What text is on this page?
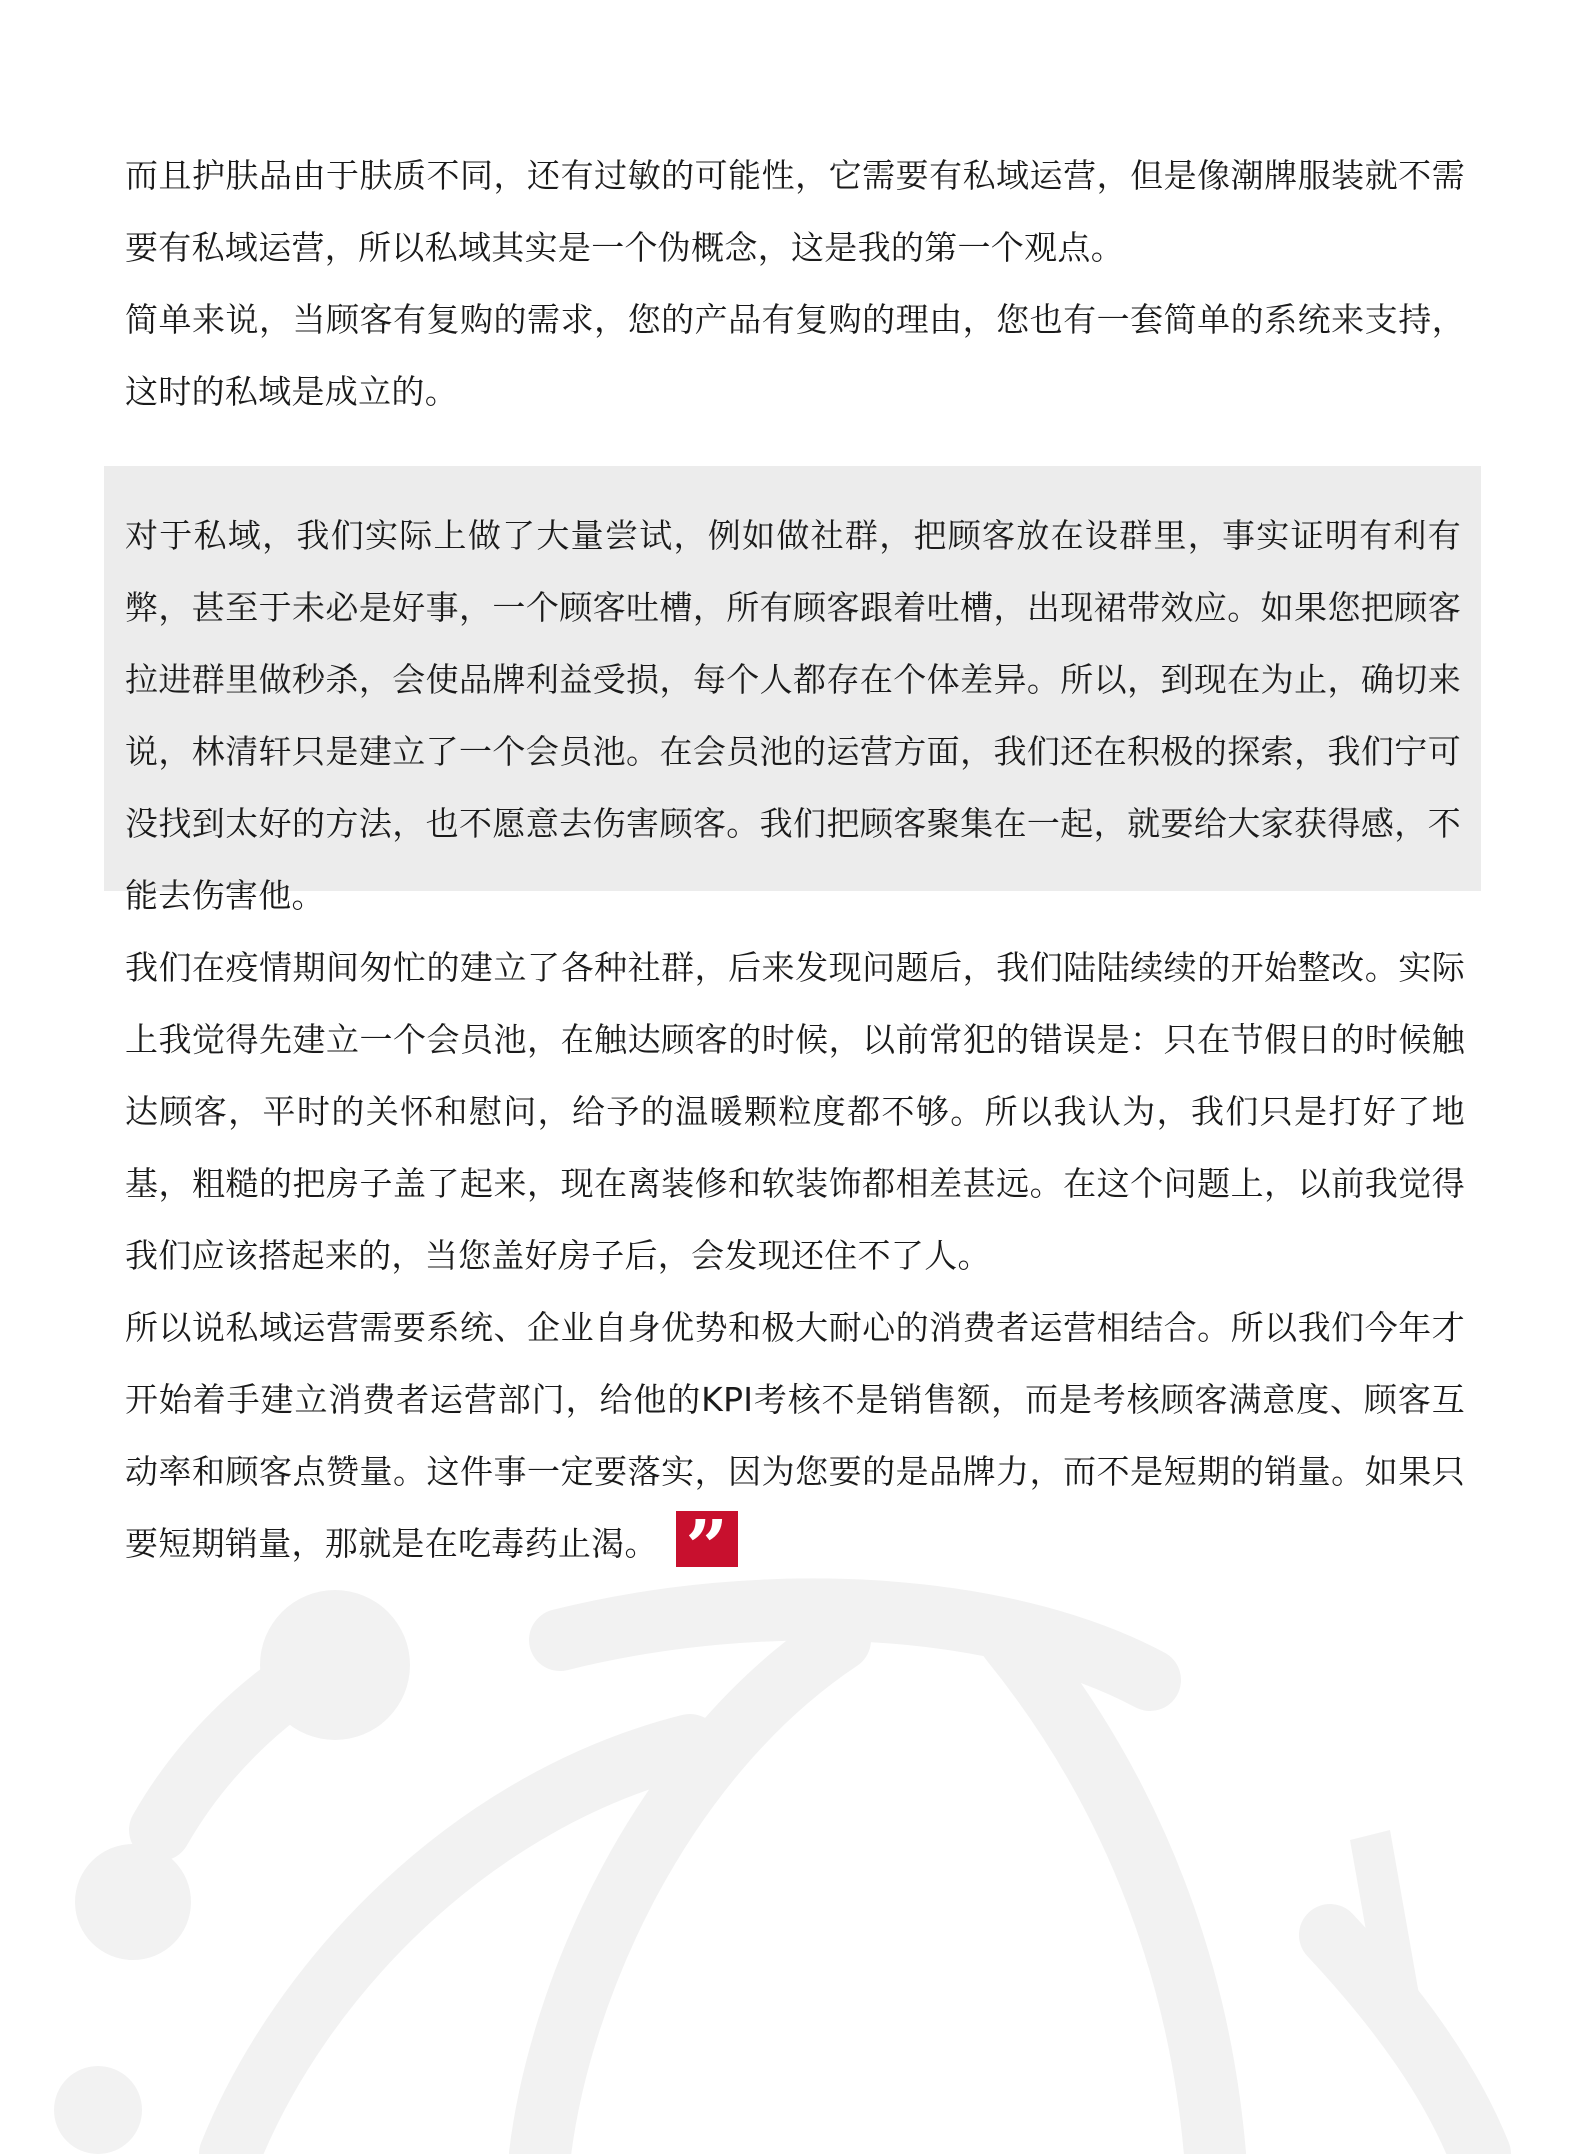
而且护肤品由于肤质不同，还有过敏的可能性，它需要有私域运营，但是像潮牌服装就不需要有私域运营，所以私域其实是一个伪概念，这是我的第一个观点。

简单来说，当顾客有复购的需求，您的产品有复购的理由，您也有一套简单的系统来支持，这时的私域是成立的。

对于私域，我们实际上做了大量尝试，例如做社群，把顾客放在设群里，事实证明有利有弊，甚至于未必是好事，一个顾客吐槽，所有顾客跟着吐槽，出现裙带效应。如果您把顾客拉进群里做秒杀，会使品牌利益受损，每个人都存在个体差异。所以，到现在为止，确切来说，林清轩只是建立了一个会员池。在会员池的运营方面，我们还在积极的探索，我们宁可没找到太好的方法，也不愿意去伤害顾客。我们把顾客聚集在一起，就要给大家获得感，不能去伤害他。

我们在疫情期间匆忙的建立了各种社群，后来发现问题后，我们陆陆续续的开始整改。实际上我觉得先建立一个会员池，在触达顾客的时候，以前常犯的错误是：只在节假日的时候触达顾客，平时的关怀和慰问，给予的温暖颗粒度都不够。所以我认为，我们只是打好了地基，粗糙的把房子盖了起来，现在离装修和软装饰都相差甚远。在这个问题上，以前我觉得我们应该搭起来的，当您盖好房子后，会发现还住不了人。

所以说私域运营需要系统、企业自身优势和极大耐心的消费者运营相结合。所以我们今年才开始着手建立消费者运营部门，给他的KPI考核不是销售额，而是考核顾客满意度、顾客互动率和顾客点赞量。这件事一定要落实，因为您要的是品牌力，而不是短期的销量。如果只要短期销量，那就是在吃毒药止渴。 ”
